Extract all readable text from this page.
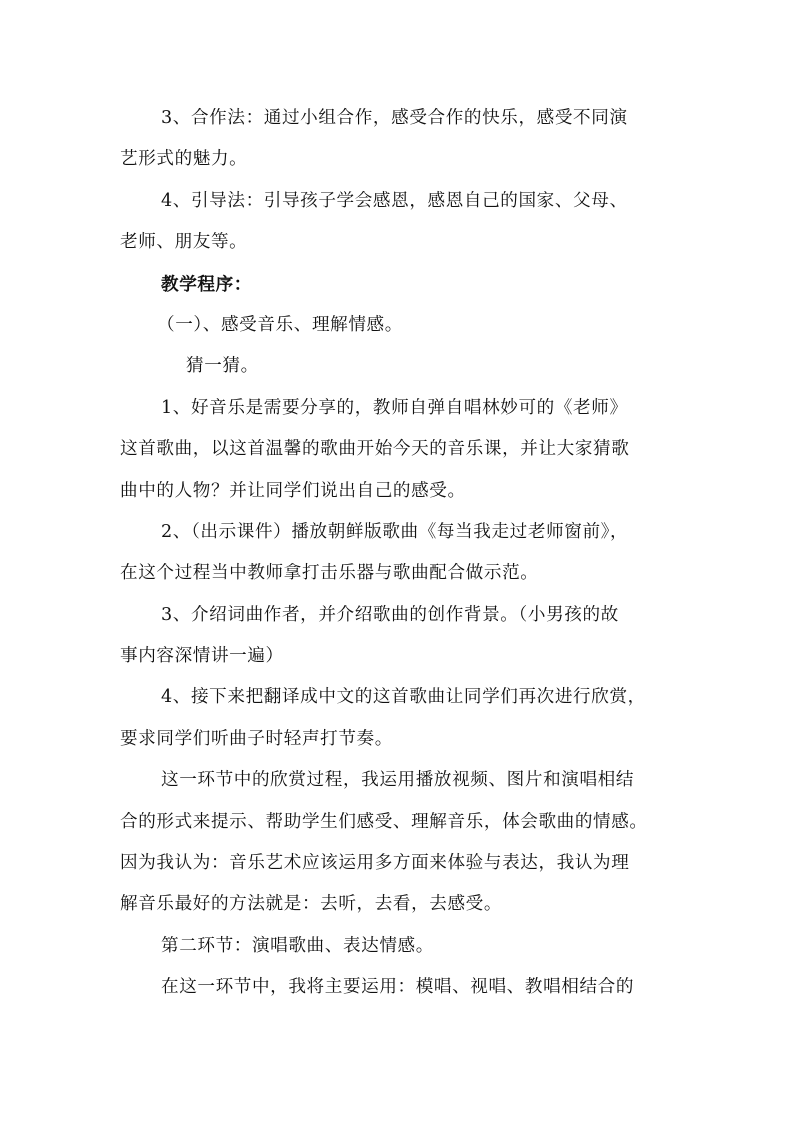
3、合作法：通过小组合作，感受合作的快乐，感受不同演

艺形式的魅力。

4、引导法：引导孩子学会感恩，感恩自己的国家、父母、

老师、朋友等。

教学程序：

（一）、感受音乐、理解情感。

猜一猜。

1、好音乐是需要分享的，教师自弹自唱林妙可的《老师》

这首歌曲，以这首温馨的歌曲开始今天的音乐课，并让大家猜歌

曲中的人物？并让同学们说出自己的感受。

2、（出示课件）播放朝鲜版歌曲《每当我走过老师窗前》，

在这个过程当中教师拿打击乐器与歌曲配合做示范。

3、介绍词曲作者，并介绍歌曲的创作背景。（小男孩的故

事内容深情讲一遍）

4、接下来把翻译成中文的这首歌曲让同学们再次进行欣赏，

要求同学们听曲子时轻声打节奏。

这一环节中的欣赏过程，我运用播放视频、图片和演唱相结

合的形式来提示、帮助学生们感受、理解音乐，体会歌曲的情感。

因为我认为：音乐艺术应该运用多方面来体验与表达，我认为理

解音乐最好的方法就是：去听，去看，去感受。

第二环节：演唱歌曲、表达情感。

在这一环节中，我将主要运用：模唱、视唱、教唱相结合的
